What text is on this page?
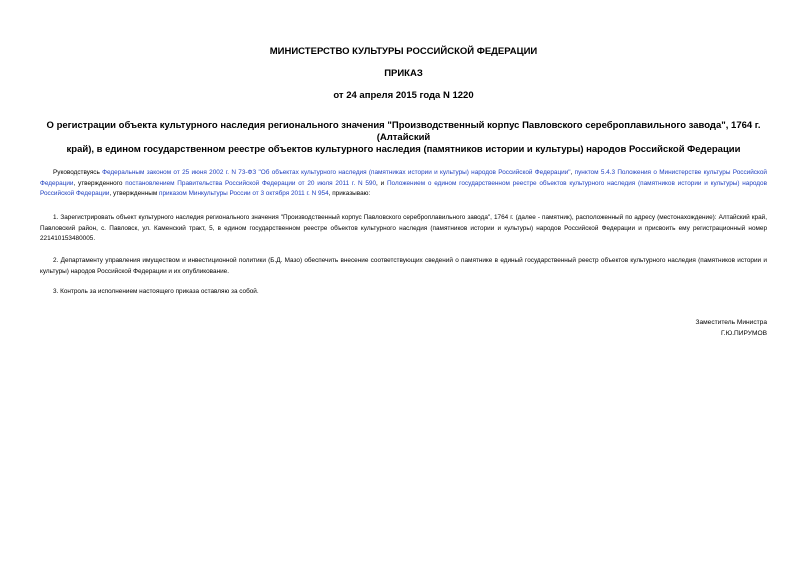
МИНИСТЕРСТВО КУЛЬТУРЫ РОССИЙСКОЙ ФЕДЕРАЦИИ
ПРИКАЗ
от 24 апреля 2015 года N 1220
О регистрации объекта культурного наследия регионального значения "Производственный корпус Павловского сереброплавильного завода", 1764 г. (Алтайский
край), в едином государственном реестре объектов культурного наследия (памятников истории и культуры) народов Российской Федерации
Руководствуясь Федеральным законом от 25 июня 2002 г. N 73-ФЗ "Об объектах культурного наследия (памятниках истории и культуры) народов Российской Федерации", пунктом 5.4.3 Положения о Министерстве культуры Российской Федерации, утвержденного постановлением Правительства Российской Федерации от 20 июля 2011 г. N 590, и Положением о едином государственном реестре объектов культурного наследия (памятников истории и культуры) народов Российской Федерации, утвержденным приказом Минкультуры России от 3 октября 2011 г. N 954, приказываю:
1. Зарегистрировать объект культурного наследия регионального значения "Производственный корпус Павловского сереброплавильного завода", 1764 г. (далее - памятник), расположенный по адресу (местонахождение): Алтайский край, Павловский район, с. Павловск, ул. Каменский тракт, 5, в едином государственном реестре объектов культурного наследия (памятников истории и культуры) народов Российской Федерации и присвоить ему регистрационный номер 221410153480005.
2. Департаменту управления имуществом и инвестиционной политики (Б.Д. Мазо) обеспечить внесение соответствующих сведений о памятнике в единый государственный реестр объектов культурного наследия (памятников истории и культуры) народов Российской Федерации и их опубликование.
3. Контроль за исполнением настоящего приказа оставляю за собой.
Заместитель Министра
Г.Ю.ПИРУМОВ
